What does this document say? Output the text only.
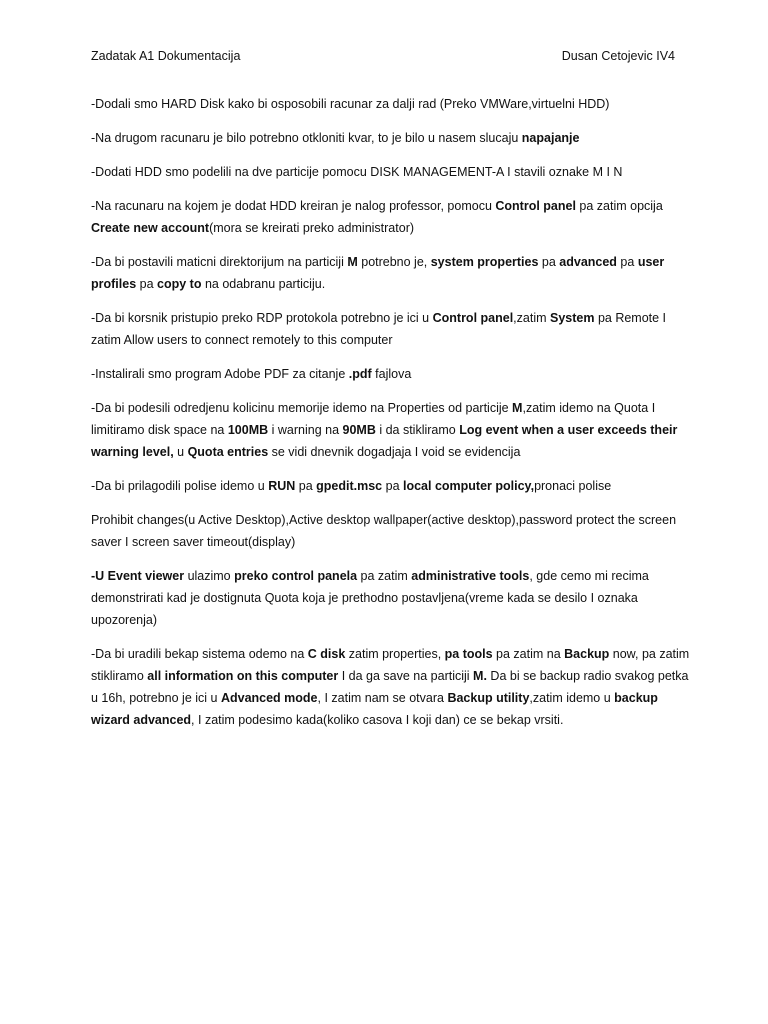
Zadatak A1 Dokumentacija	Dusan Cetojevic IV4

-Dodali smo HARD Disk kako bi osposobili racunar za dalji rad (Preko VMWare,virtuelni HDD)

-Na drugom racunaru je bilo potrebno otkloniti kvar, to je bilo u nasem slucaju napajanje

-Dodati HDD smo podelili na dve particije pomocu DISK MANAGEMENT-A I stavili oznake M I N

-Na racunaru na kojem je dodat HDD kreiran je nalog professor, pomocu Control panel pa zatim opcija Create new account(mora se kreirati preko administrator)

-Da bi postavili maticni direktorijum na particiji M potrebno je, system properties pa advanced pa user profiles pa copy to na odabranu particiju.

-Da bi korsnik pristupio preko RDP protokola potrebno je ici u Control panel,zatim System pa Remote I zatim Allow users to connect remotely to this computer

-Instalirali smo program Adobe PDF za citanje .pdf fajlova

-Da bi podesili odredjenu kolicinu memorije idemo na Properties od particije M,zatim idemo na Quota I limitiramo disk space na 100MB i warning na 90MB i da stikliramo Log event when a user exceeds their warning level, u Quota entries se vidi dnevnik dogadjaja I void se evidencija

-Da bi prilagodili polise idemo u RUN pa gpedit.msc pa local computer policy,pronaci polise

Prohibit changes(u Active Desktop),Active desktop wallpaper(active desktop),password protect the screen saver I screen saver timeout(display)

-U Event viewer ulazimo preko control panela pa zatim administrative tools, gde cemo mi recima demonstrirati kad je dostignuta Quota koja je prethodno postavljena(vreme kada se desilo I oznaka upozorenja)

-Da bi uradili bekap sistema odemo na C disk zatim properties, pa tools pa zatim na Backup now, pa zatim stikliramo all information on this computer I da ga save na particiji M. Da bi se backup radio svakog petka u 16h, potrebno je ici u Advanced mode, I zatim nam se otvara Backup utility,zatim idemo u backup wizard advanced, I zatim podesimo kada(koliko casova I koji dan) ce se bekap vrsiti.
